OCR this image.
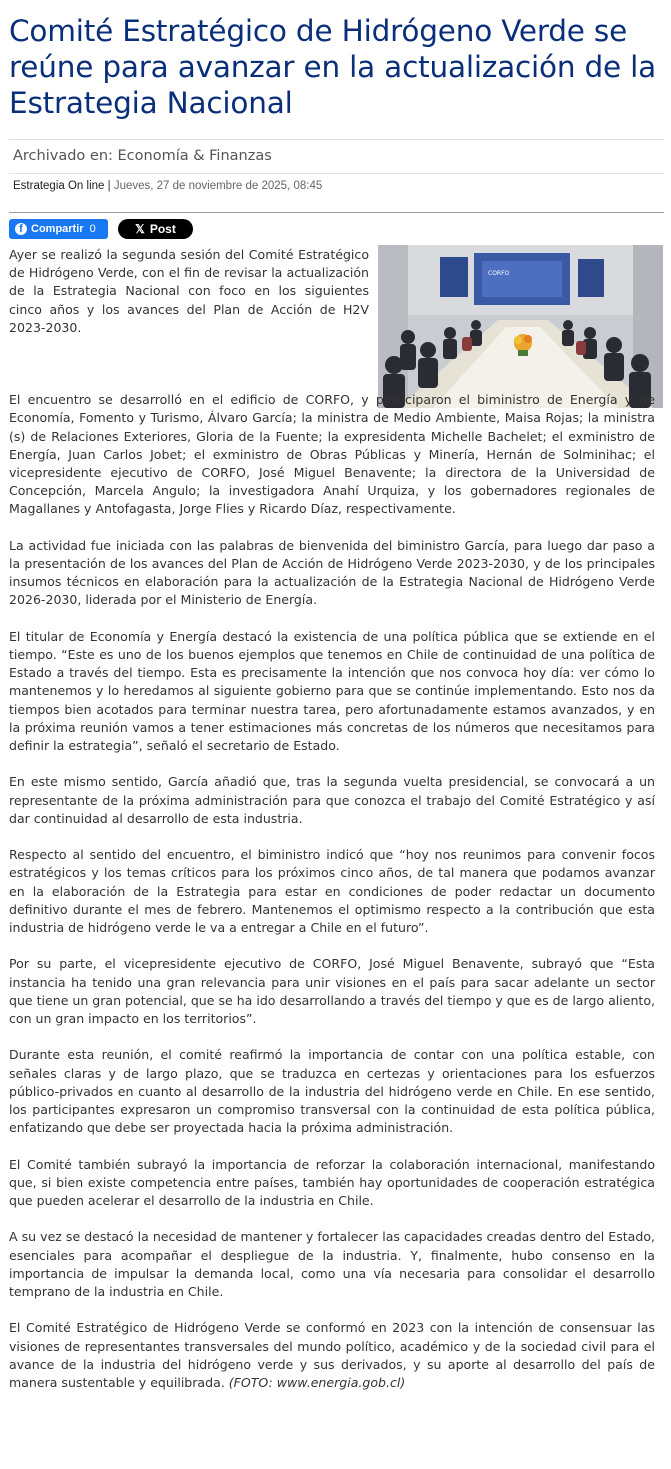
Comité Estratégico de Hidrógeno Verde se reúne para avanzar en la actualización de la Estrategia Nacional
Archivado en: Economía & Finanzas
Estrategia On line | Jueves, 27 de noviembre de 2025, 08:45
f Compartir 0	𝕏 Post
CORFO

Ayer se realizó la segunda sesión del Comité Estratégico de Hidrógeno Verde, con el fin de revisar la actualización de la Estrategia Nacional con foco en los siguientes cinco años y los avances del Plan de Acción de H2V 2023-2030.

El encuentro se desarrolló en el edificio de CORFO, y participaron el biministro de Energía y de Economía, Fomento y Turismo, Álvaro García; la ministra de Medio Ambiente, Maisa Rojas; la ministra (s) de Relaciones Exteriores, Gloria de la Fuente; la expresidenta Michelle Bachelet; el exministro de Energía, Juan Carlos Jobet; el exministro de Obras Públicas y Minería, Hernán de Solminihac; el vicepresidente ejecutivo de CORFO, José Miguel Benavente; la directora de la Universidad de Concepción, Marcela Angulo; la investigadora Anahí Urquiza, y los gobernadores regionales de Magallanes y Antofagasta, Jorge Flies y Ricardo Díaz, respectivamente.

La actividad fue iniciada con las palabras de bienvenida del biministro García, para luego dar paso a la presentación de los avances del Plan de Acción de Hidrógeno Verde 2023-2030, y de los principales insumos técnicos en elaboración para la actualización de la Estrategia Nacional de Hidrógeno Verde 2026-2030, liderada por el Ministerio de Energía.

El titular de Economía y Energía destacó la existencia de una política pública que se extiende en el tiempo. “Este es uno de los buenos ejemplos que tenemos en Chile de continuidad de una política de Estado a través del tiempo. Esta es precisamente la intención que nos convoca hoy día: ver cómo lo mantenemos y lo heredamos al siguiente gobierno para que se continúe implementando. Esto nos da tiempos bien acotados para terminar nuestra tarea, pero afortunadamente estamos avanzados, y en la próxima reunión vamos a tener estimaciones más concretas de los números que necesitamos para definir la estrategia”, señaló el secretario de Estado.

En este mismo sentido, García añadió que, tras la segunda vuelta presidencial, se convocará a un representante de la próxima administración para que conozca el trabajo del Comité Estratégico y así dar continuidad al desarrollo de esta industria.

Respecto al sentido del encuentro, el biministro indicó que “hoy nos reunimos para convenir focos estratégicos y los temas críticos para los próximos cinco años, de tal manera que podamos avanzar en la elaboración de la Estrategia para estar en condiciones de poder redactar un documento definitivo durante el mes de febrero. Mantenemos el optimismo respecto a la contribución que esta industria de hidrógeno verde le va a entregar a Chile en el futuro”.

Por su parte, el vicepresidente ejecutivo de CORFO, José Miguel Benavente, subrayó que “Esta instancia ha tenido una gran relevancia para unir visiones en el país para sacar adelante un sector que tiene un gran potencial, que se ha ido desarrollando a través del tiempo y que es de largo aliento, con un gran impacto en los territorios”.

Durante esta reunión, el comité reafirmó la importancia de contar con una política estable, con señales claras y de largo plazo, que se traduzca en certezas y orientaciones para los esfuerzos público-privados en cuanto al desarrollo de la industria del hidrógeno verde en Chile. En ese sentido, los participantes expresaron un compromiso transversal con la continuidad de esta política pública, enfatizando que debe ser proyectada hacia la próxima administración.

El Comité también subrayó la importancia de reforzar la colaboración internacional, manifestando que, si bien existe competencia entre países, también hay oportunidades de cooperación estratégica que pueden acelerar el desarrollo de la industria en Chile.

A su vez se destacó la necesidad de mantener y fortalecer las capacidades creadas dentro del Estado, esenciales para acompañar el despliegue de la industria. Y, finalmente, hubo consenso en la importancia de impulsar la demanda local, como una vía necesaria para consolidar el desarrollo temprano de la industria en Chile.

El Comité Estratégico de Hidrógeno Verde se conformó en 2023 con la intención de consensuar las visiones de representantes transversales del mundo político, académico y de la sociedad civil para el avance de la industria del hidrógeno verde y sus derivados, y su aporte al desarrollo del país de manera sustentable y equilibrada. (FOTO: www.energia.gob.cl)
